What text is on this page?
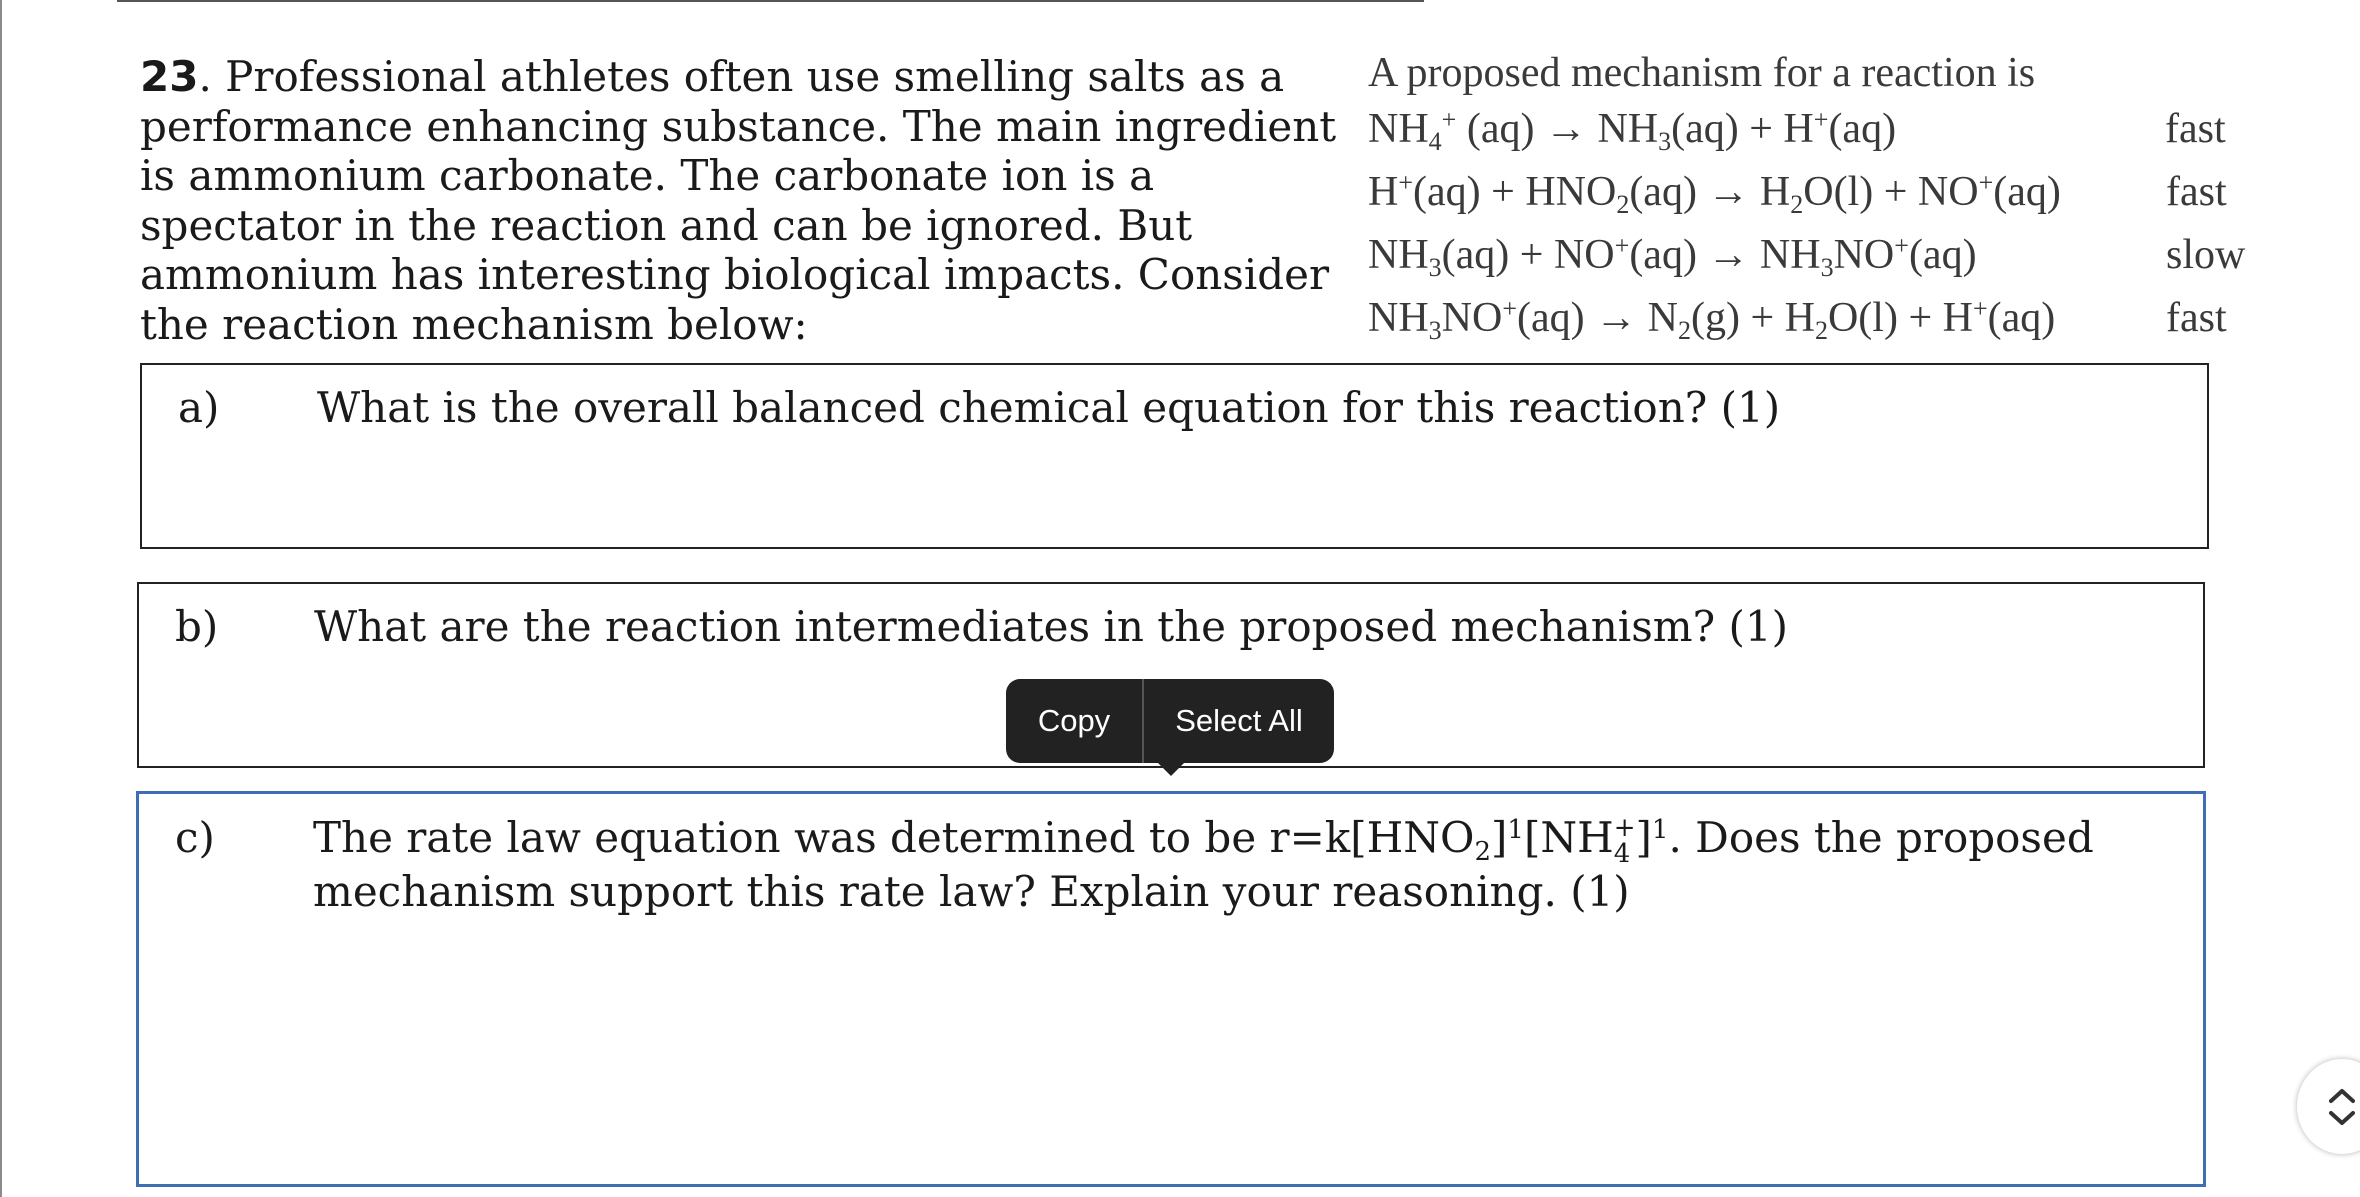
23. Professional athletes often use smelling salts as a performance enhancing substance. The main ingredient is ammonium carbonate. The carbonate ion is a spectator in the reaction and can be ignored. But ammonium has interesting biological impacts. Consider the reaction mechanism below:

A proposed mechanism for a reaction is
$NH_4^+$ $(aq) \to NH_3(aq) + H^+(aq)$	fast
$H^+(aq) + HNO_2(aq) \to H_2O(l) + NO^+(aq)$	fast
$NH_3(aq) + NO^+(aq) \to NH_3NO^+(aq)$	slow
$NH_3NO^+(aq) \to N_2(g) + H_2O(l) + H^+(aq)$	fast
a) What is the overall balanced chemical equation for this reaction? (1)
b) What are the reaction intermediates in the proposed mechanism? (1)
c) The rate law equation was determined to be $r=k[HNO_2]^1[NH$ +
4 ]$^1$. Does the proposed
mechanism support this rate law? Explain your reasoning. (1)
Copy	Select All
